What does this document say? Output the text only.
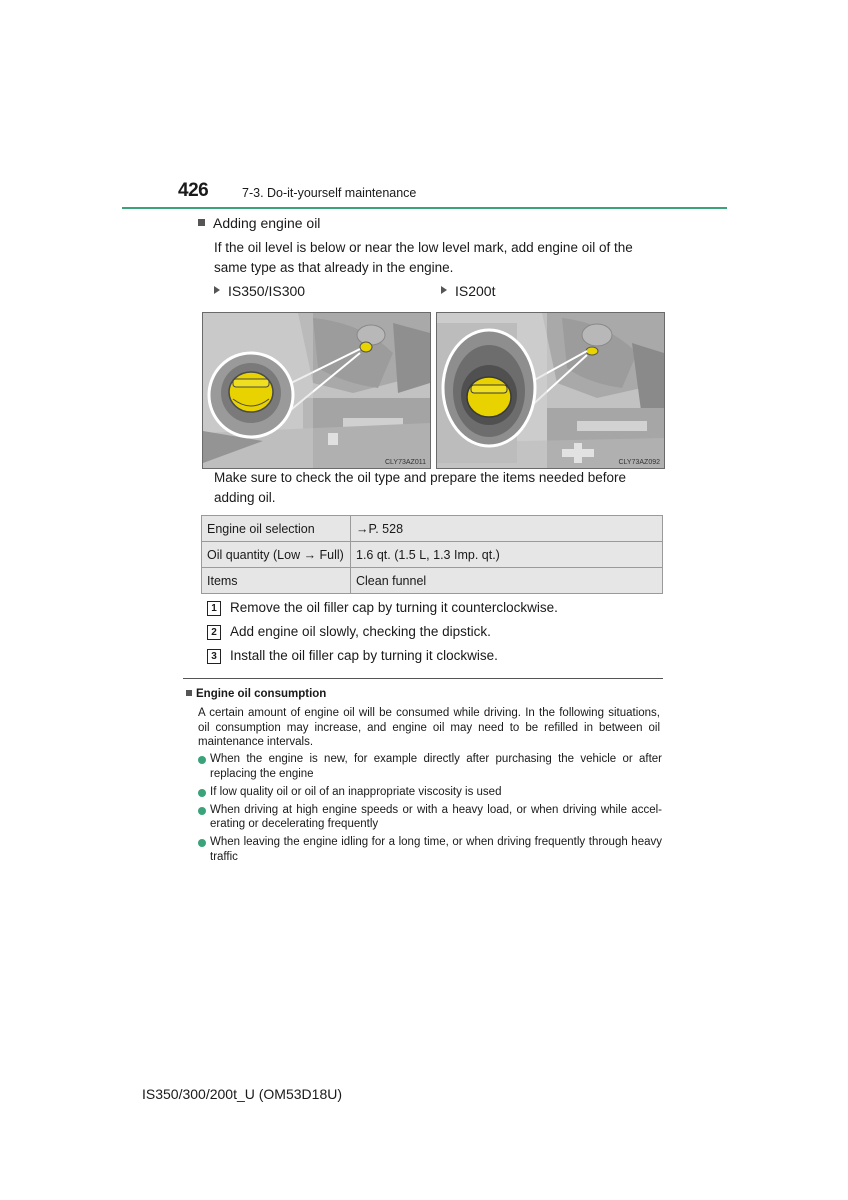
426	7-3. Do-it-yourself maintenance
Adding engine oil
If the oil level is below or near the low level mark, add engine oil of the same type as that already in the engine.
IS350/IS300	IS200t
CLY73AZ011	CLY73AZ092
Make sure to check the oil type and prepare the items needed before adding oil.
Engine oil selection	→P. 528
Oil quantity (Low → Full)	1.6 qt. (1.5 L, 1.3 Imp. qt.)
Items	Clean funnel
1 Remove the oil filler cap by turning it counterclockwise.
2 Add engine oil slowly, checking the dipstick.
3 Install the oil filler cap by turning it clockwise.
Engine oil consumption
A certain amount of engine oil will be consumed while driving. In the following situations, oil consumption may increase, and engine oil may need to be refilled in between oil maintenance intervals.
When the engine is new, for example directly after purchasing the vehicle or after replacing the engine
If low quality oil or oil of an inappropriate viscosity is used
When driving at high engine speeds or with a heavy load, or when driving while accel-erating or decelerating frequently
When leaving the engine idling for a long time, or when driving frequently through heavy traffic
IS350/300/200t_U (OM53D18U)
